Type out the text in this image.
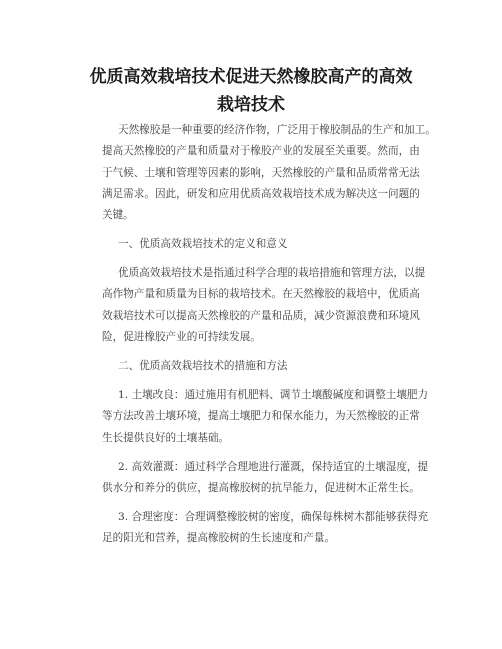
优质高效栽培技术促进天然橡胶高产的高效
栽培技术
天然橡胶是一种重要的经济作物，广泛用于橡胶制品的生产和加工。
提高天然橡胶的产量和质量对于橡胶产业的发展至关重要。然而，由
于气候、土壤和管理等因素的影响，天然橡胶的产量和品质常常无法
满足需求。因此，研发和应用优质高效栽培技术成为解决这一问题的
关键。
一、优质高效栽培技术的定义和意义
优质高效栽培技术是指通过科学合理的栽培措施和管理方法，以提
高作物产量和质量为目标的栽培技术。在天然橡胶的栽培中，优质高
效栽培技术可以提高天然橡胶的产量和品质，减少资源浪费和环境风
险，促进橡胶产业的可持续发展。
二、优质高效栽培技术的措施和方法
1. 土壤改良：通过施用有机肥料、调节土壤酸碱度和调整土壤肥力
等方法改善土壤环境，提高土壤肥力和保水能力，为天然橡胶的正常
生长提供良好的土壤基础。
2. 高效灌溉：通过科学合理地进行灌溉，保持适宜的土壤湿度，提
供水分和养分的供应，提高橡胶树的抗旱能力，促进树木正常生长。
3. 合理密度：合理调整橡胶树的密度，确保每株树木都能够获得充
足的阳光和营养，提高橡胶树的生长速度和产量。
